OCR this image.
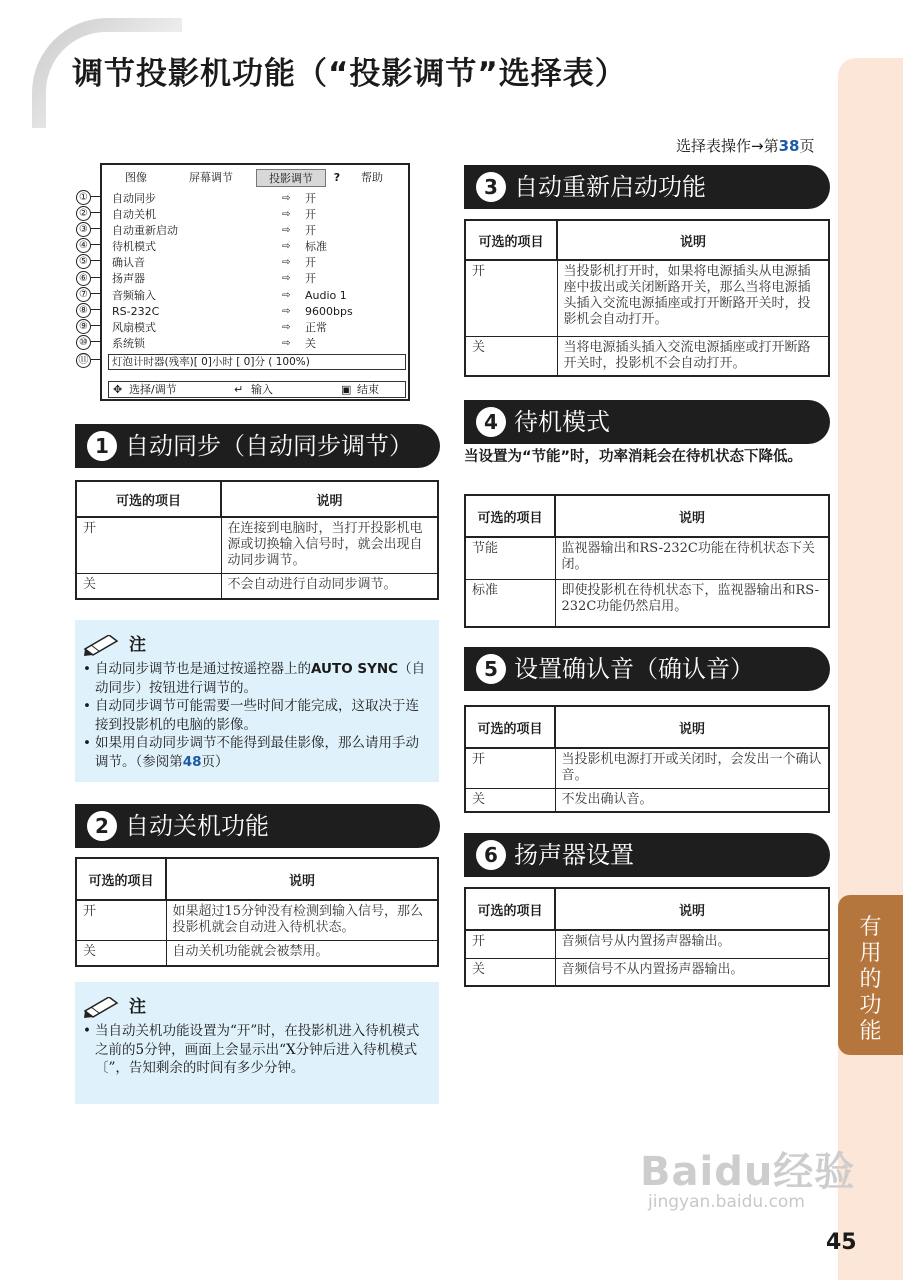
调节投影机功能（“投影调节”选择表）
有用的功能
选择表操作→第38页
①
②
③
④
⑤
⑥
⑦
⑧
⑨
⑩
⑪
图像	屏幕调节	投影调节	?	帮助
自动同步	⇨ 开
自动关机	⇨ 开
自动重新启动	⇨ 开
待机模式	⇨ 标准
确认音	⇨ 开
扬声器	⇨ 开
音频输入	⇨ Audio 1
RS-232C	⇨ 9600bps
风扇模式	⇨ 正常
系统锁	⇨ 关
灯泡计时器(残率)[ 0]小时 [ 0]分 ( 100%)
✥ 选择/调节	↵ 输入	▣ 结束
1 自动同步（自动同步调节）
可选的项目	说明
开	在连接到电脑时，当打开投影机电源或切换输入信号时，就会出现自动同步调节。
关	不会自动进行自动同步调节。
注
• 自动同步调节也是通过按遥控器上的AUTO SYNC（自动同步）按钮进行调节的。
• 自动同步调节可能需要一些时间才能完成，这取决于连接到投影机的电脑的影像。
• 如果用自动同步调节不能得到最佳影像，那么请用手动调节。（参阅第48页）
2 自动关机功能
可选的项目	说明
开	如果超过15分钟没有检测到输入信号，那么投影机就会自动进入待机状态。
关	自动关机功能就会被禁用。
注
• 当自动关机功能设置为“开”时，在投影机进入待机模式之前的5分钟，画面上会显示出“X分钟后进入待机模式〔”，告知剩余的时间有多少分钟。
3 自动重新启动功能
可选的项目	说明
开	当投影机打开时，如果将电源插头从电源插座中拔出或关闭断路开关，那么当将电源插头插入交流电源插座或打开断路开关时，投影机会自动打开。
关	当将电源插头插入交流电源插座或打开断路开关时，投影机不会自动打开。
4 待机模式
当设置为“节能”时，功率消耗会在待机状态下降低。
可选的项目	说明
节能	监视器输出和RS-232C功能在待机状态下关闭。
标准	即使投影机在待机状态下，监视器输出和RS-232C功能仍然启用。
5 设置确认音（确认音）
可选的项目	说明
开	当投影机电源打开或关闭时，会发出一个确认音。
关	不发出确认音。
6 扬声器设置
可选的项目	说明
开	音频信号从内置扬声器输出。
关	音频信号不从内置扬声器输出。
Baidu经验
jingyan.baidu.com
45
